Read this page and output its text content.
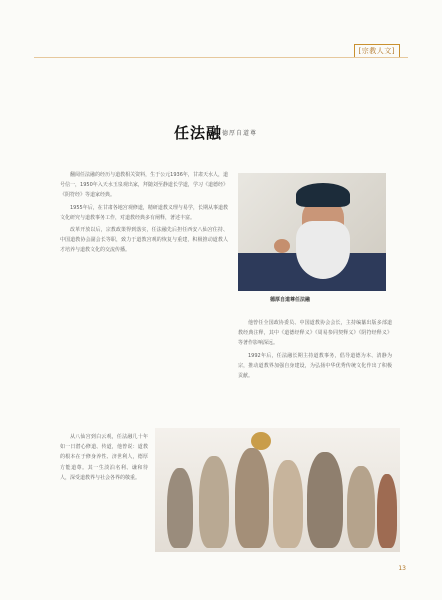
[宗教人文]
任法融 德厚自道尊

翻阅任法融的经历与道教相关资料，生于公元1936年，甘肃天水人，道号信一，1950年入天水玉泉观出家，拜随刘至静道长学道，学习《道德经》《阴符经》等道家经典。

1955年后，在甘肃各地宫观修道，精研道教义理与易学，长期从事道教文化研究与道教事务工作，对道教经典多有阐释，著述丰富。

改革开放以后，宗教政策得到落实，任法融先后担任西安八仙宫住持、中国道教协会副会长等职，致力于道教宫观的恢复与重建，积极推动道教人才培养与道教文化的交流传播。

德厚自道尊任法融

他曾任全国政协委员、中国道教协会会长，主持编纂出版多部道教经典注释，其中《道德经释义》《周易参同契释义》《阴符经释义》等著作影响深远。

1992年后，任法融长期主持道教事务，倡导道德为本、清静为宗，推动道教界加强自身建设，为弘扬中华优秀传统文化作出了积极贡献。

从八仙宫到白云观，任法融几十年如一日潜心修道、传道，他曾说：道教的根本在于修身养性、济世利人，德厚方能道尊。其一生淡泊名利、谦和待人，深受道教界与社会各界的敬重。

13
